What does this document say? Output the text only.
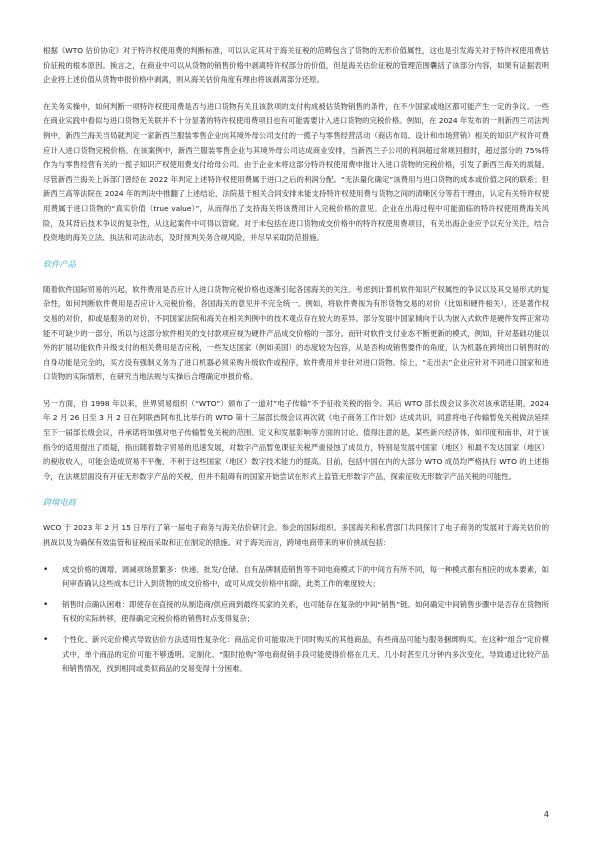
根据《WTO 估价协定》对于特许权使用费的判断标准，可以认定其对于海关征税的范畴包含了货物的无形价值属性，这也是引发海关对于特许权使用费估价征税的根本原因。换言之，在商业中可以从货物的销售价格中剥离特许权部分的价值，但是海关估价征税的管理范围囊括了该部分内容，如果有证据表明企业将上述价值从货物申报价格中剥离，则从海关估价角度有理由将该剥离部分还原。

在关务实操中，如何判断一项特许权使用费是否与进口货物有关且该款项的支付构成被估货物销售的条件，在不少国家或地区都可能产生一定的争议。一些在商业实践中看似与进口货物无关联并不十分显著的特许权使用费项目也有可能需要计入进口货物的完税价格。例如，在 2024 年发布的一则新西兰司法判例中，新西兰海关当局就判定一家新西兰服装零售企业向其境外母公司支付的一揽子与零售经营活动（商店布局、设计和市场营销）相关的知识产权许可费应计入进口货物完税价格。在该案例中，新西兰服装零售企业与其境外母公司达成商业安排，当新西兰子公司的利润超过常规回报时，超过部分的 75%将作为与零售经营有关的一揽子知识产权使用费支付给母公司。由于企业未将这部分特许权使用费申报计入进口货物的完税价格，引发了新西兰海关的质疑。尽管新西兰海关上诉部门曾经在 2022 年判定上述特许权使用费属于进口之后的利润分配。“无法量化确定”该费用与进口货物的成本或价值之间的联系；但新西兰高等法院在 2024 年的判决中推翻了上述结论，法院基于相关合同安排未能支持特许权使用费与货物之间的清晰区分等若干理由，认定有关特许权使用费属于进口货物的“真实价值（true value）”，从而得出了支持海关将该费用计入完税价格的意见。企业在出海过程中可能面临的特许权使用费海关风险，及其背后技术争议的复杂性，从这起案件中可得以管窥。对于未包括在进口货物成交价格中的特许权使用费项目，有关出海企业应予以充分关注，结合投资地的海关立法、执法和司法动态，及时预判关务合规风险，并尽早采取防范措施。

软件产品

随着软件国际贸易的兴起，软件费用是否应计入进口货物完税价格也逐渐引起各国海关的关注。考虑到计算机软件知识产权属性的争议以及其交易形式的复杂性，如何判断软件费用是否应计入完税价格，各国海关的意见并不完全统一。例如，将软件费视为有形货物交易的对价（比如和硬件相关），还是著作权交易的对价，抑或是服务的对价，不同国家法院和海关在相关判例中的技术观点存在较大的差异。部分发展中国家倾向于认为嵌入式软件是硬件发挥正常功能不可缺少的一部分，所以与这部分软件相关的支付款项应视为硬件产品成交价格的一部分。而针对软件支付业态不断更新的模式，例如，针对基础功能以外的扩展功能软件升级支付的相关费用是否应税，一些发达国家（例如美国）的态度较为包容，从是否构成销售要件的角度，认为机器在跨境出口销售时的自身功能是完全的，买方没有强制义务为了进口机器必须采购升级软件或程序，软件费用并非针对进口货物。综上，“走出去”企业应针对不同进口国家和进口货物的实际情形，在研究当地法规与实操后合理确定申报价格。

另一方面，自 1998 年以来，世界贸易组织（“WTO”）颁布了一道对“电子传输”不予征收关税的指令。其后 WTO 部长级会议多次对该承诺延期。2024 年 2 月 26 日至 3 月 2 日在阿联酋阿布扎比举行的 WTO 第十三届部长级会议再次就《电子商务工作计划》达成共识，同意将电子传输暂免关税做法延续至下一届部长级会议，并承诺将加强对电子传输暂免关税的范围、定义和发展影响等方面的讨论。值得注意的是，某些新兴经济体，如印度和南非，对于该指令的适用提出了质疑，指出随着数字贸易的迅速发展，对数字产品暂免课征关税严重侵蚀了成员方，特别是发展中国家（地区）和最不发达国家（地区）的税收收入，可能会造成贸易不平衡，不利于这些国家（地区）数字技术能力的提高。目前，包括中国在内的大部分 WTO 成员均严格执行 WTO 的上述指令，在法规层面没有开征无形数字产品的关税，但并不阻碍有的国家开始尝试在形式上监管无形数字产品，探索征收无形数字产品关税的可能性。

跨境电商

WCO 于 2023 年 2 月 15 日举行了第一届电子商务与海关估价研讨会。参会的国际组织、多国海关和私营部门共同探讨了电子商务的发展对于海关估价的挑战以及为确保有效监管和征税而采取和正在制定的措施。对于海关而言，跨境电商带来的审价挑战包括：

• 成交价格的调增、调减项场景繁多：快递、批发/仓储、自有品牌制造销售等不同电商模式下的中间方有所不同，每一种模式都有相应的成本要素，如何审查确认这些成本已计入到货物的成交价格中，或可从成交价格中扣除，此类工作的难度较大；
• 销售时点确认困难：即使存在直接的从制造商/供应商到最终买家的关系，也可能存在复杂的中间“销售”链。如何确定中间销售步骤中是否存在货物所有权的实际转移，使得确定完税价格的销售时点变得复杂；
• 个性化、新兴定价模式导致估价方法适用性复杂化：商品定价可能取决于同时购买的其他商品，有些商品可能与服务捆绑购买。在这种“组合”定价模式中，单个商品的定价可能不够透明。定制化、“限时抢购”等电商促销手段可能使得价格在几天、几小时甚至几分钟内多次变化，导致通过比较产品和销售情况，找到相同或类似商品的交易变得十分困难。
4
